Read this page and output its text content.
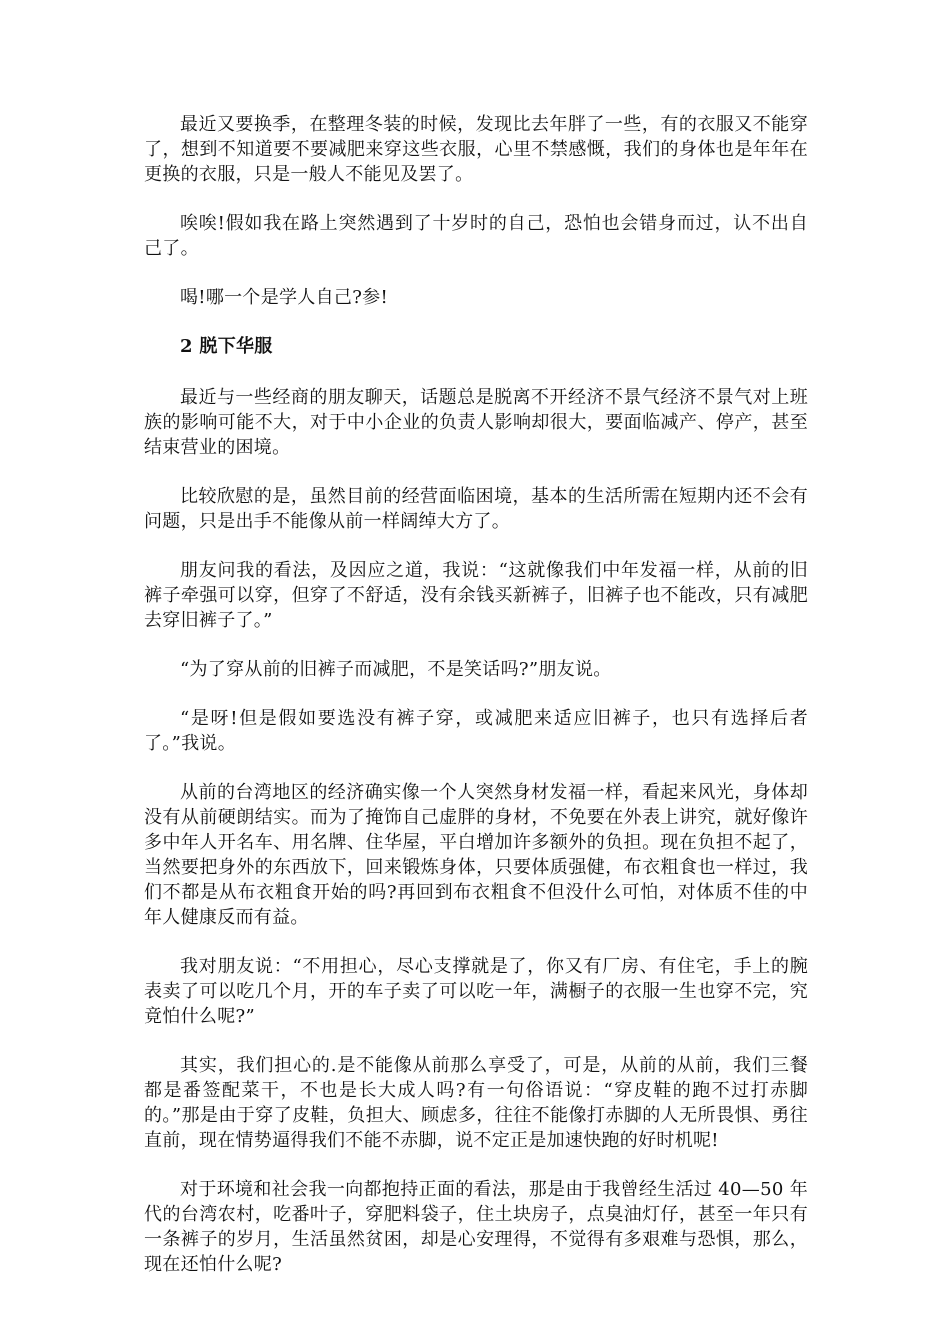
最近又要换季，在整理冬装的时候，发现比去年胖了一些，有的衣服又不能穿了，想到不知道要不要减肥来穿这些衣服，心里不禁感慨，我们的身体也是年年在更换的衣服，只是一般人不能见及罢了。

唉唉!假如我在路上突然遇到了十岁时的自己，恐怕也会错身而过，认不出自己了。

喝!哪一个是学人自己?参!

2 脱下华服

最近与一些经商的朋友聊天，话题总是脱离不开经济不景气经济不景气对上班族的影响可能不大，对于中小企业的负责人影响却很大，要面临减产、停产，甚至结束营业的困境。

比较欣慰的是，虽然目前的经营面临困境，基本的生活所需在短期内还不会有问题，只是出手不能像从前一样阔绰大方了。

朋友问我的看法，及因应之道，我说：“这就像我们中年发福一样，从前的旧裤子牵强可以穿，但穿了不舒适，没有余钱买新裤子，旧裤子也不能改，只有减肥去穿旧裤子了。”

“为了穿从前的旧裤子而减肥，不是笑话吗?”朋友说。

“是呀!但是假如要选没有裤子穿，或减肥来适应旧裤子，也只有选择后者了。”我说。

从前的台湾地区的经济确实像一个人突然身材发福一样，看起来风光，身体却没有从前硬朗结实。而为了掩饰自己虚胖的身材，不免要在外表上讲究，就好像许多中年人开名车、用名牌、住华屋，平白增加许多额外的负担。现在负担不起了，当然要把身外的东西放下，回来锻炼身体，只要体质强健，布衣粗食也一样过，我们不都是从布衣粗食开始的吗?再回到布衣粗食不但没什么可怕，对体质不佳的中年人健康反而有益。

我对朋友说：“不用担心，尽心支撑就是了，你又有厂房、有住宅，手上的腕表卖了可以吃几个月，开的车子卖了可以吃一年，满橱子的衣服一生也穿不完，究竟怕什么呢?”

其实，我们担心的.是不能像从前那么享受了，可是，从前的从前，我们三餐都是番签配菜干，不也是长大成人吗?有一句俗语说：“穿皮鞋的跑不过打赤脚的。”那是由于穿了皮鞋，负担大、顾虑多，往往不能像打赤脚的人无所畏惧、勇往直前，现在情势逼得我们不能不赤脚，说不定正是加速快跑的好时机呢!

对于环境和社会我一向都抱持正面的看法，那是由于我曾经生活过 40—50 年代的台湾农村，吃番叶子，穿肥料袋子，住土块房子，点臭油灯仔，甚至一年只有一条裤子的岁月，生活虽然贫困，却是心安理得，不觉得有多艰难与恐惧，那么，现在还怕什么呢?
